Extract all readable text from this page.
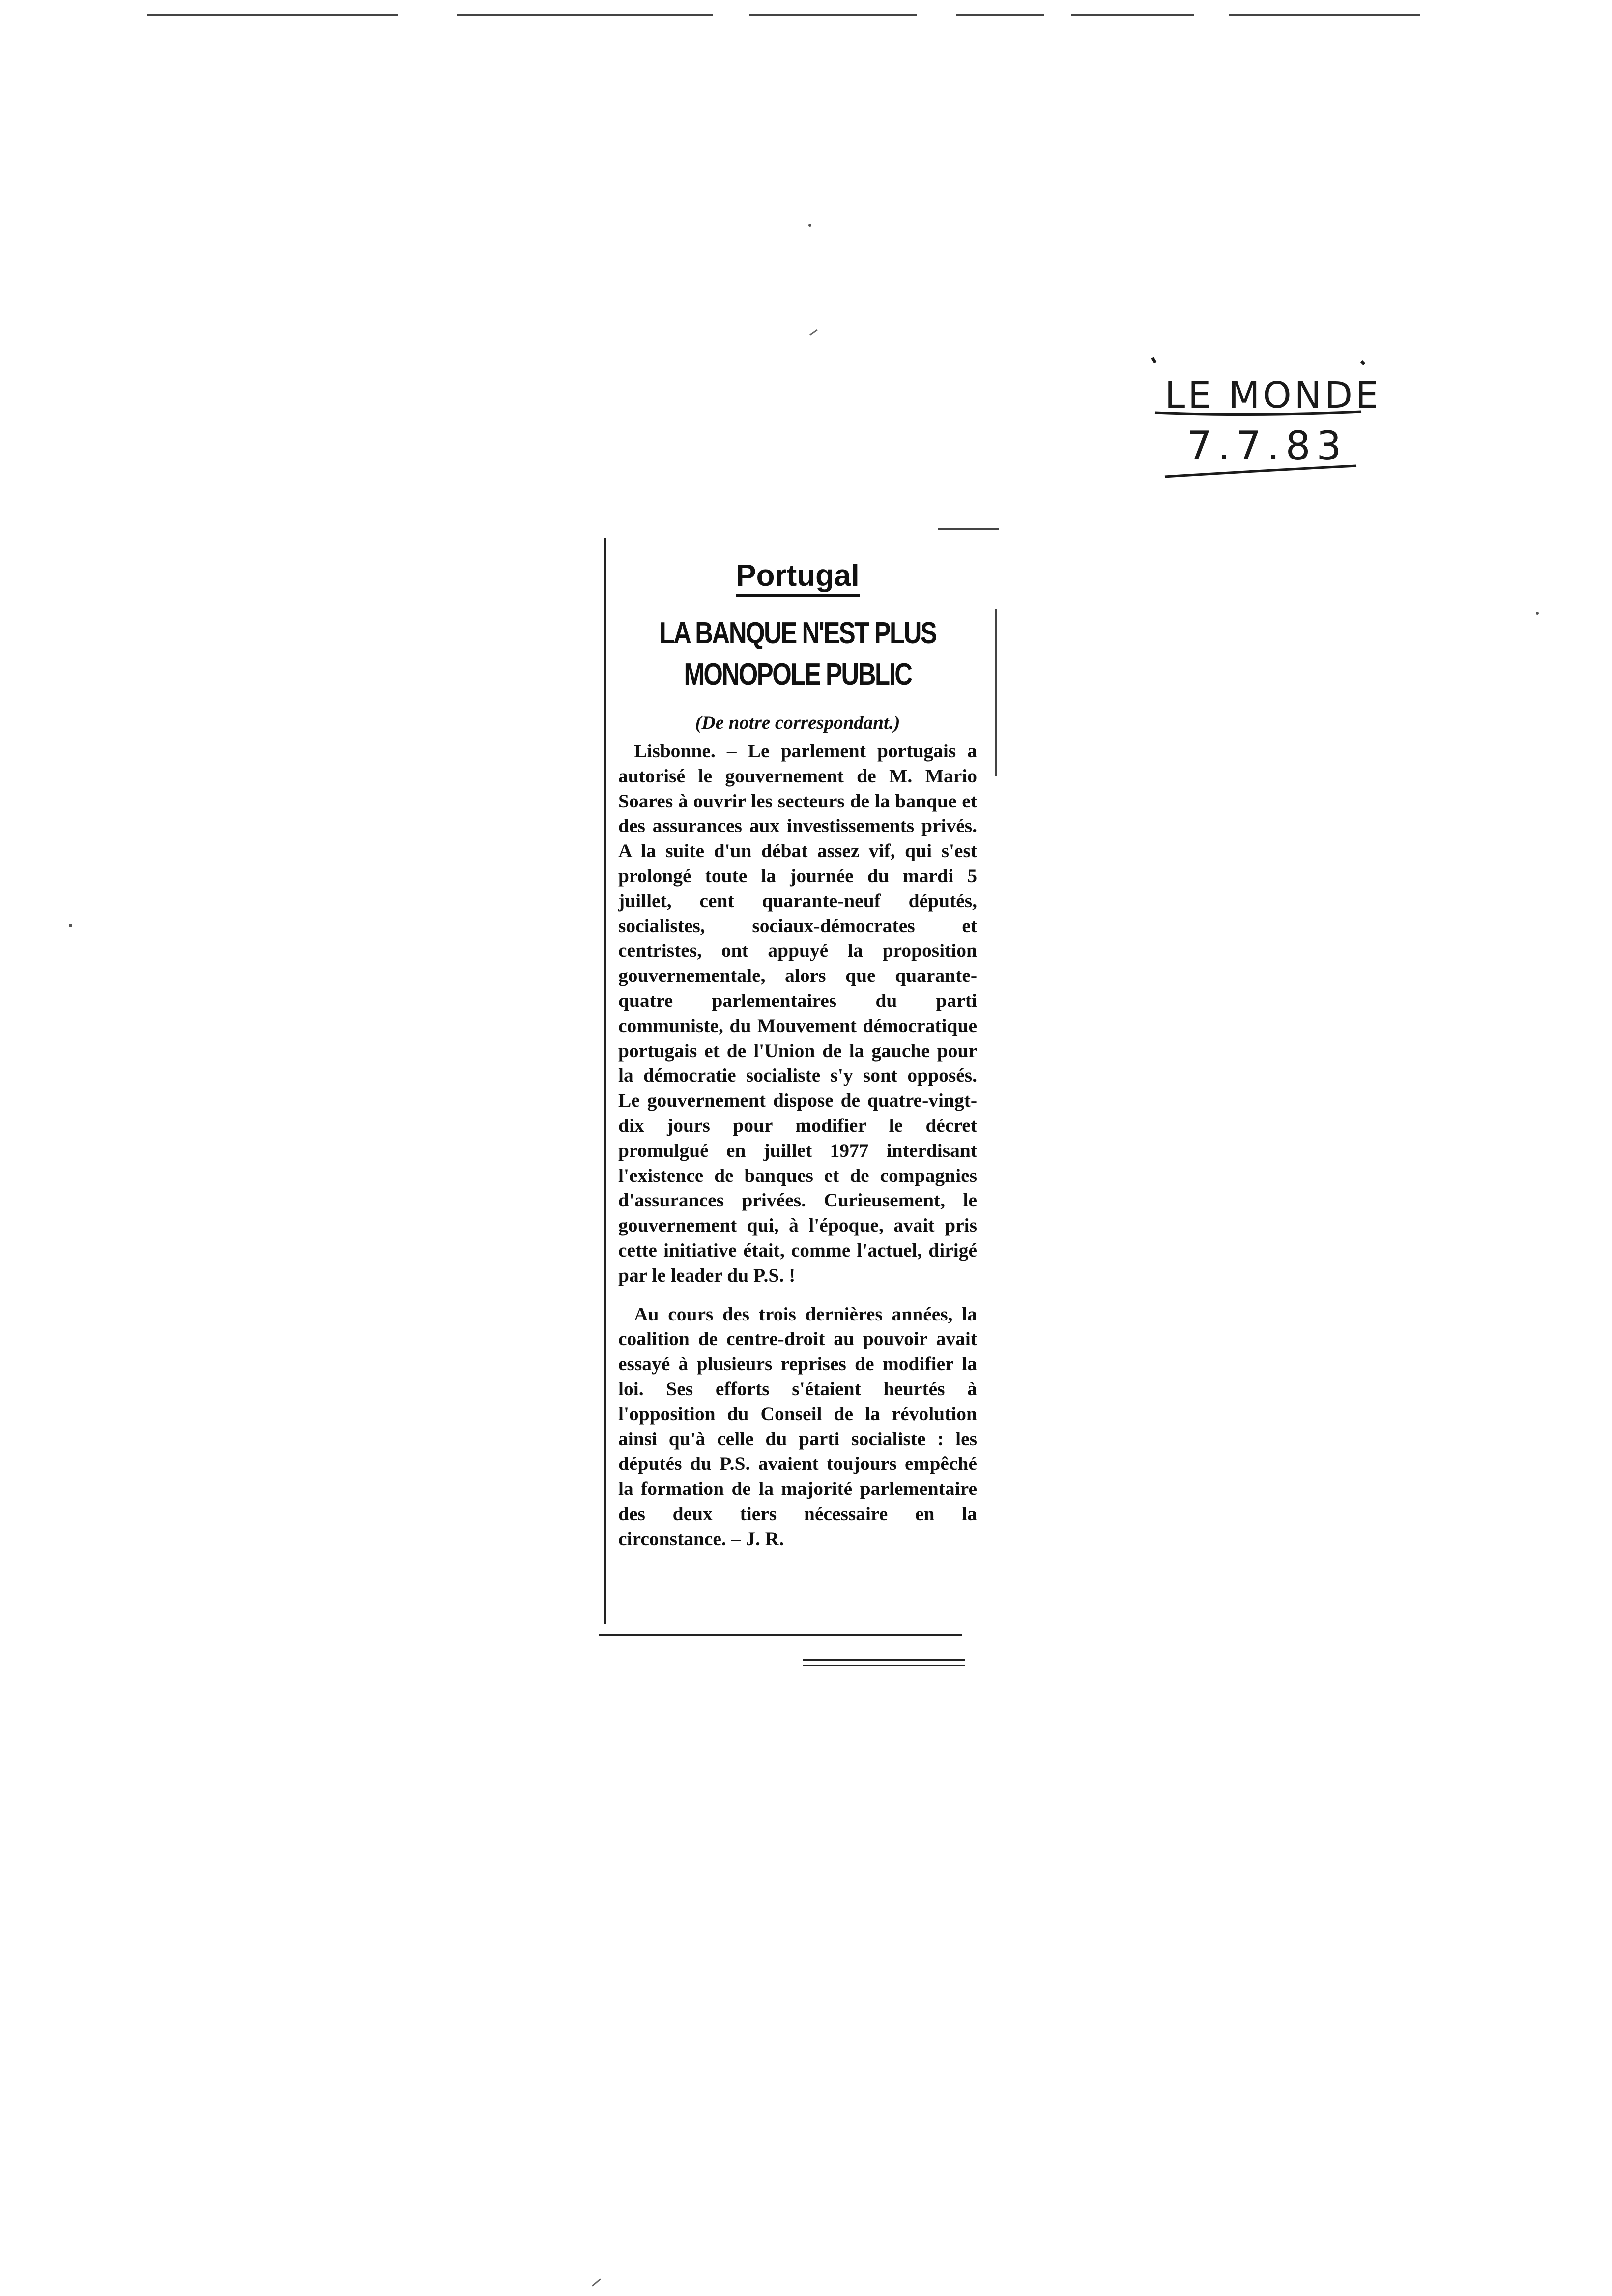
LE MONDE
7.7.83

Portugal

LA BANQUE N'EST PLUS
MONOPOLE PUBLIC

(De notre correspondant.)

Lisbonne. – Le parlement portugais a autorisé le gouvernement de M. Mario Soares à ouvrir les secteurs de la banque et des assurances aux investissements privés. A la suite d'un débat assez vif, qui s'est prolongé toute la journée du mardi 5 juillet, cent quarante-neuf députés, socialistes, sociaux-démocrates et centristes, ont appuyé la proposition gouvernementale, alors que quarante-quatre parlementaires du parti communiste, du Mouvement démocratique portugais et de l'Union de la gauche pour la démocratie socialiste s'y sont opposés. Le gouvernement dispose de quatre-vingt-dix jours pour modifier le décret promulgué en juillet 1977 interdisant l'existence de banques et de compagnies d'assurances privées. Curieusement, le gouvernement qui, à l'époque, avait pris cette initiative était, comme l'actuel, dirigé par le leader du P.S. !

Au cours des trois dernières années, la coalition de centre-droit au pouvoir avait essayé à plusieurs reprises de modifier la loi. Ses efforts s'étaient heurtés à l'opposition du Conseil de la révolution ainsi qu'à celle du parti socialiste : les députés du P.S. avaient toujours empêché la formation de la majorité parlementaire des deux tiers nécessaire en la circonstance. – J. R.
